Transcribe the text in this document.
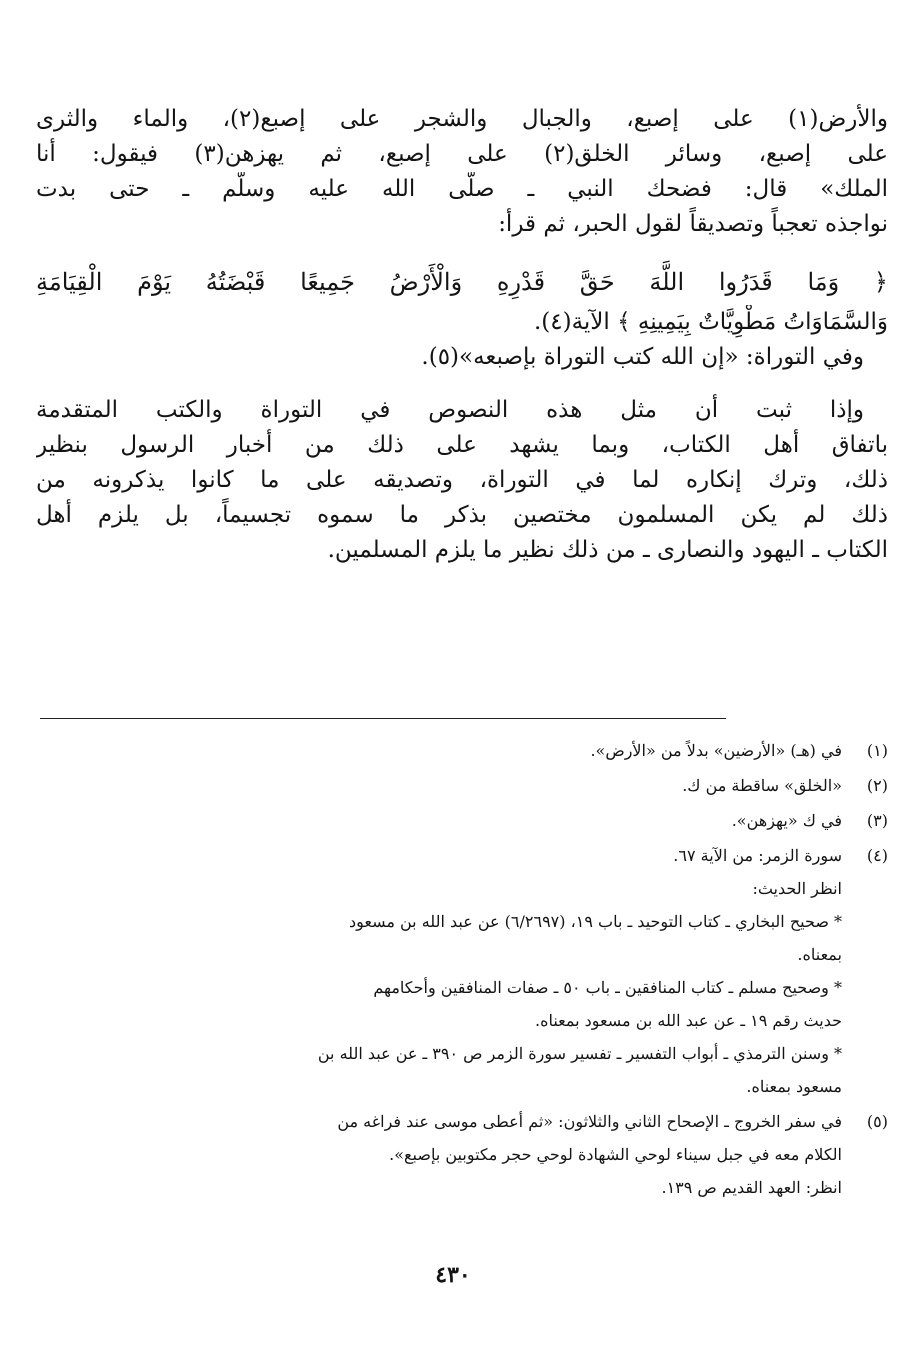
والأرض(١) على إصبع، والجبال والشجر على إصبع(٢)، والماء والثرى
على إصبع، وسائر الخلق(٢) على إصبع، ثم يهزهن(٣) فيقول: أنا
الملك» قال: فضحك النبي ـ صلَّى الله عليه وسلَّم ـ حتى بدت
نواجذه تعجباً وتصديقاً لقول الحبر، ثم قرأ:
﴿ وَمَا قَدَرُوا اللَّهَ حَقَّ قَدْرِهِ وَالْأَرْضُ جَمِيعًا قَبْضَتُهُ يَوْمَ الْقِيَامَةِ
وَالسَّمَاوَاتُ مَطْوِيَّاتٌ بِيَمِينِهِ ﴾ الآية(٤).
وفي التوراة: «إن الله كتب التوراة بإصبعه»(٥).
وإذا ثبت أن مثل هذه النصوص في التوراة والكتب المتقدمة
باتفاق أهل الكتاب، وبما يشهد على ذلك من أخبار الرسول بنظير
ذلك، وترك إنكاره لما في التوراة، وتصديقه على ما كانوا يذكرونه من
ذلك لم يكن المسلمون مختصين بذكر ما سموه تجسيماً، بل يلزم أهل
الكتاب ـ اليهود والنصارى ـ من ذلك نظير ما يلزم المسلمين.
(١)
في (هـ) «الأرضين» بدلاً من «الأرض».
(٢)
«الخلق» ساقطة من ك.
(٣)
في ك «يهزهن».
(٤)
سورة الزمر: من الآية ٦٧.
انظر الحديث:
* صحيح البخاري ـ كتاب التوحيد ـ باب ١٩، (٦/٢٦٩٧) عن عبد الله بن مسعود
بمعناه.
* وصحيح مسلم ـ كتاب المنافقين ـ باب ٥٠ ـ صفات المنافقين وأحكامهم
حديث رقم ١٩ ـ عن عبد الله بن مسعود بمعناه.
* وسنن الترمذي ـ أبواب التفسير ـ تفسير سورة الزمر ص ٣٩٠ ـ عن عبد الله بن
مسعود بمعناه.
(٥)
في سفر الخروج ـ الإصحاح الثاني والثلاثون: «ثم أعطى موسى عند فراغه من
الكلام معه في جبل سيناء لوحي الشهادة لوحي حجر مكتوبين بإصبع».
انظر: العهد القديم ص ١٣٩.
٤٣٠
